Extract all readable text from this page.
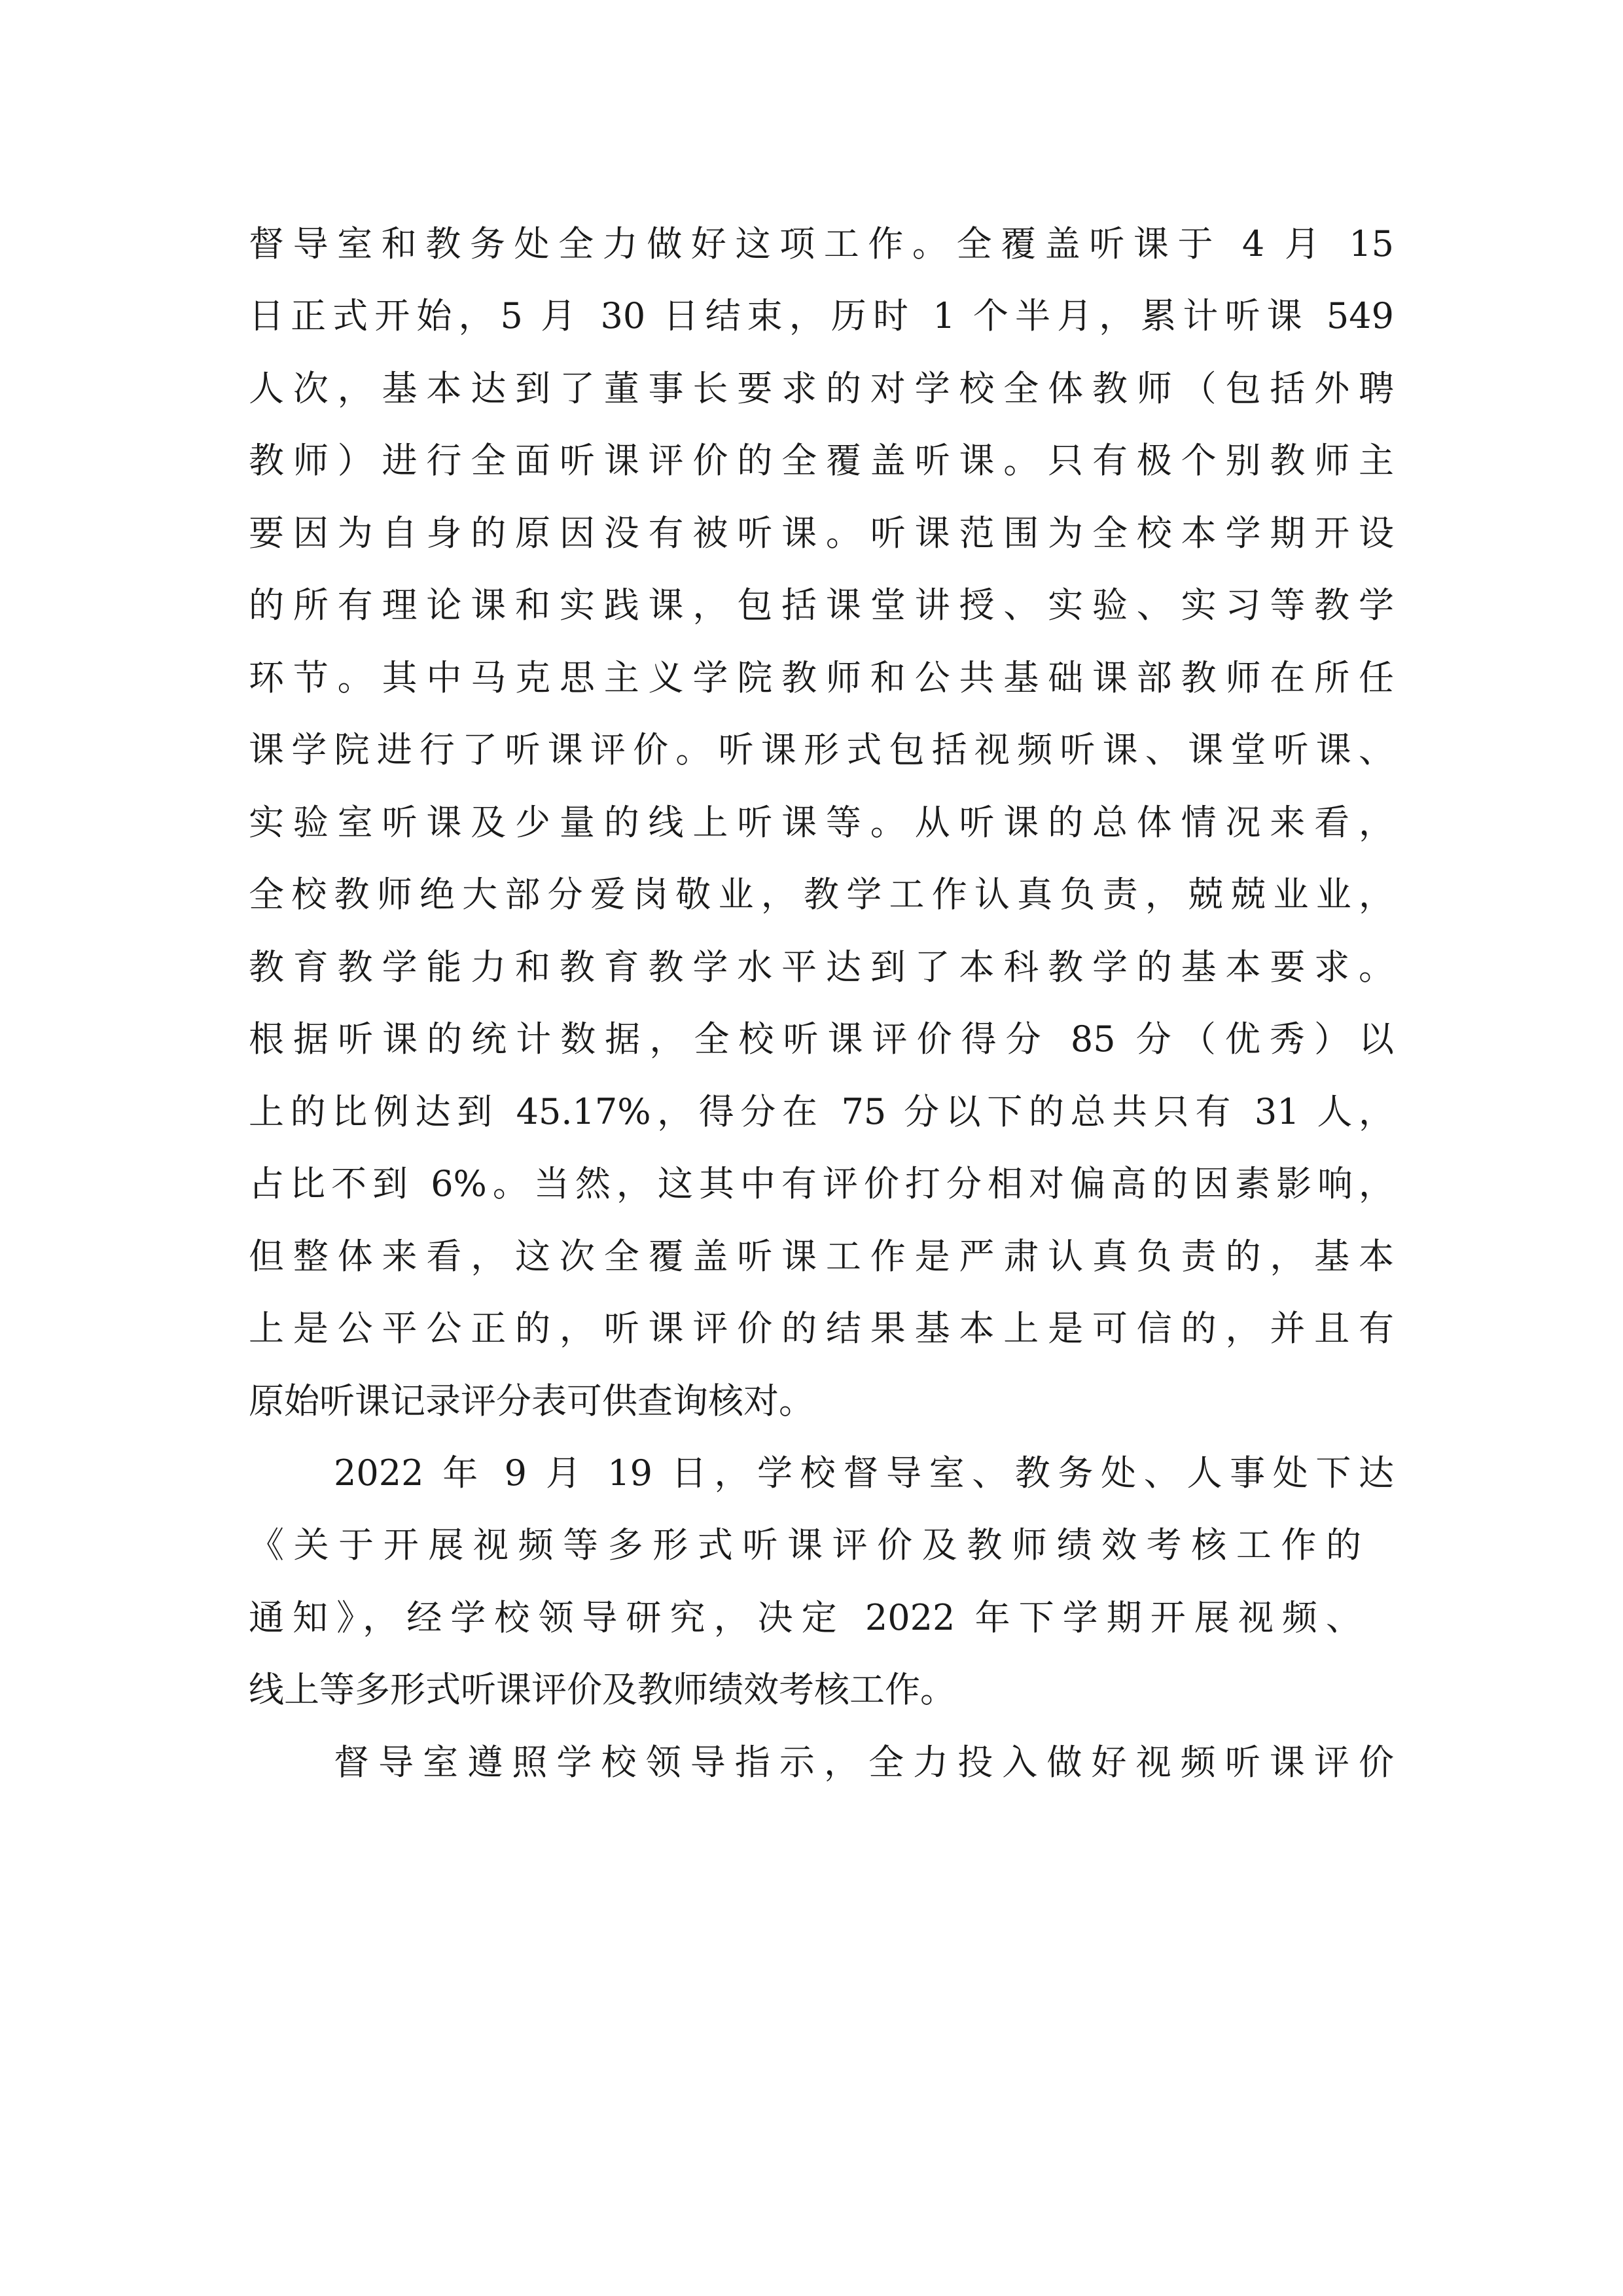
督导室和教务处全力做好这项工作。全覆盖听课于 4 月 15
日正式开始，5 月 30 日结束，历时 1 个半月，累计听课 549
人次，基本达到了董事长要求的对学校全体教师（包括外聘
教师）进行全面听课评价的全覆盖听课。只有极个别教师主
要因为自身的原因没有被听课。听课范围为全校本学期开设
的所有理论课和实践课，包括课堂讲授、实验、实习等教学
环节。其中马克思主义学院教师和公共基础课部教师在所任
课学院进行了听课评价。听课形式包括视频听课、课堂听课、
实验室听课及少量的线上听课等。从听课的总体情况来看，
全校教师绝大部分爱岗敬业，教学工作认真负责，兢兢业业，
教育教学能力和教育教学水平达到了本科教学的基本要求。
根据听课的统计数据，全校听课评价得分 85 分（优秀）以
上的比例达到 45.17%，得分在 75 分以下的总共只有 31 人，
占比不到 6%。当然，这其中有评价打分相对偏高的因素影响，
但整体来看，这次全覆盖听课工作是严肃认真负责的，基本
上是公平公正的，听课评价的结果基本上是可信的，并且有
原始听课记录评分表可供查询核对。
2022 年 9 月 19 日，学校督导室、教务处、人事处下达
《关于开展视频等多形式听课评价及教师绩效考核工作的
通知》，经学校领导研究，决定 2022 年下学期开展视频、
线上等多形式听课评价及教师绩效考核工作。
督导室遵照学校领导指示，全力投入做好视频听课评价
